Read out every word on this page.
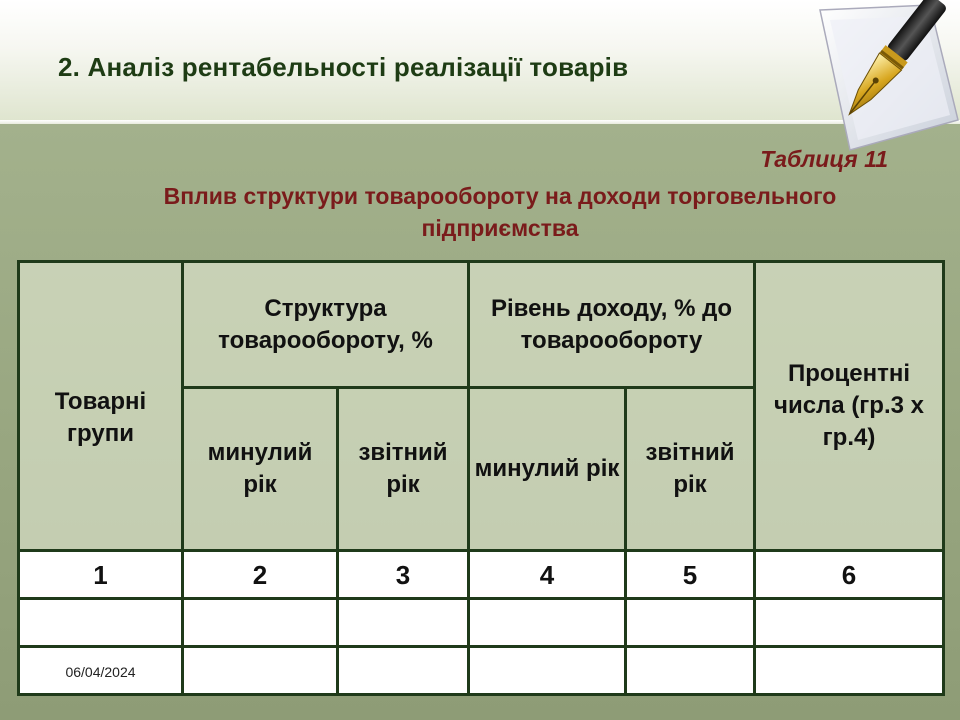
2. Аналіз рентабельності реалізації товарів
Таблиця 11
Вплив структури товарообороту на доходи торговельного
підприємства
Товарні групи	Структура товарообороту, %		Рівень доходу, % до товарообороту		Процентні числа (гр.3 х гр.4)
	минулий рік	звітний рік	минулий рік	звітний рік	
1	2	3	4	5	6

06/04/2024					
